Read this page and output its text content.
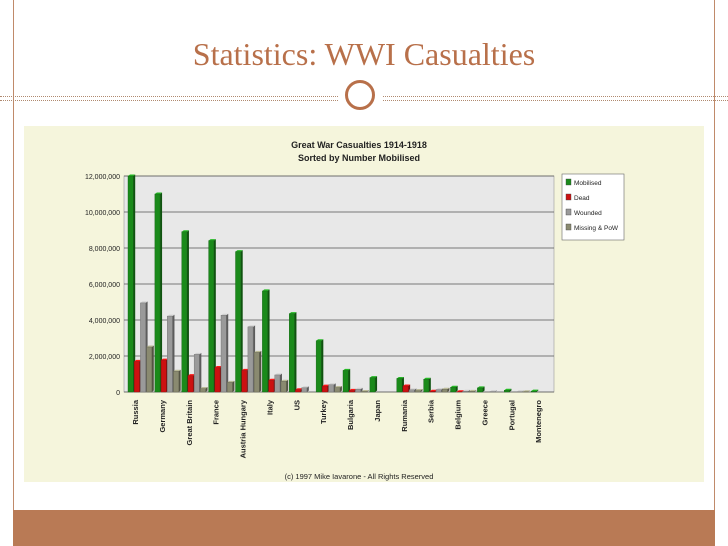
Statistics: WWI Casualties
Great War Casualties 1914-1918
Sorted by Number Mobilised
(c) 1997 Mike Iavarone - All Rights Reserved
0
2,000,000
4,000,000
6,000,000
8,000,000
10,000,000
12,000,000
Russia Germany Great Britain France Austria Hungary Italy US Turkey Bulgaria Japan Rumania Serbia Belgium Greece Portugal Montenegro
Mobilised
Dead
Wounded
Missing & PoW
